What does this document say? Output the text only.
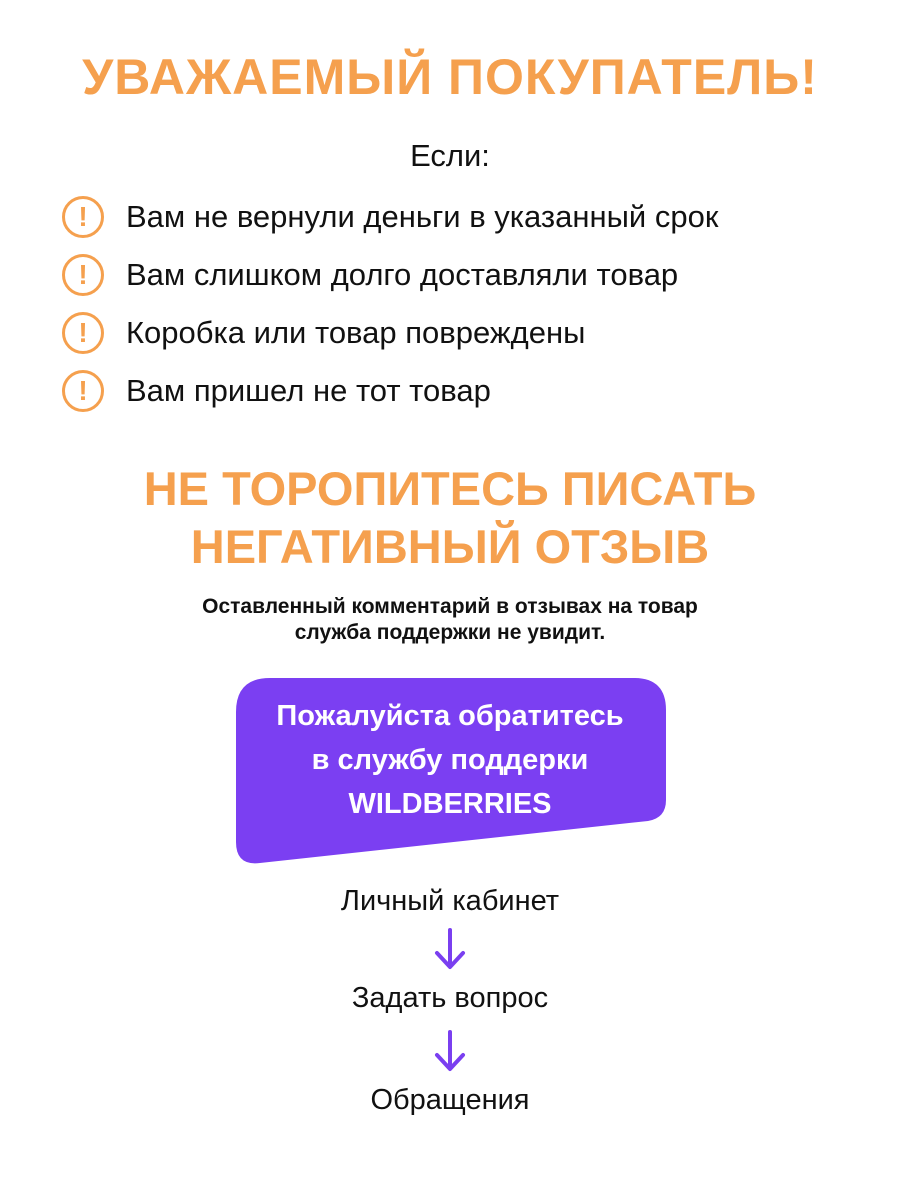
УВАЖАЕМЫЙ ПОКУПАТЕЛЬ!
Если:
! Вам не вернули деньги в указанный срок
! Вам слишком долго доставляли товар
! Коробка или товар повреждены
! Вам пришел не тот товар
НЕ ТОРОПИТЕСЬ ПИСАТЬ
НЕГАТИВНЫЙ ОТЗЫВ
Оставленный комментарий в отзывах на товар
служба поддержки не увидит.
Пожалуйста обратитесь
в службу поддерки
WILDBERRIES
Личный кабинет
Задать вопрос
Обращения
